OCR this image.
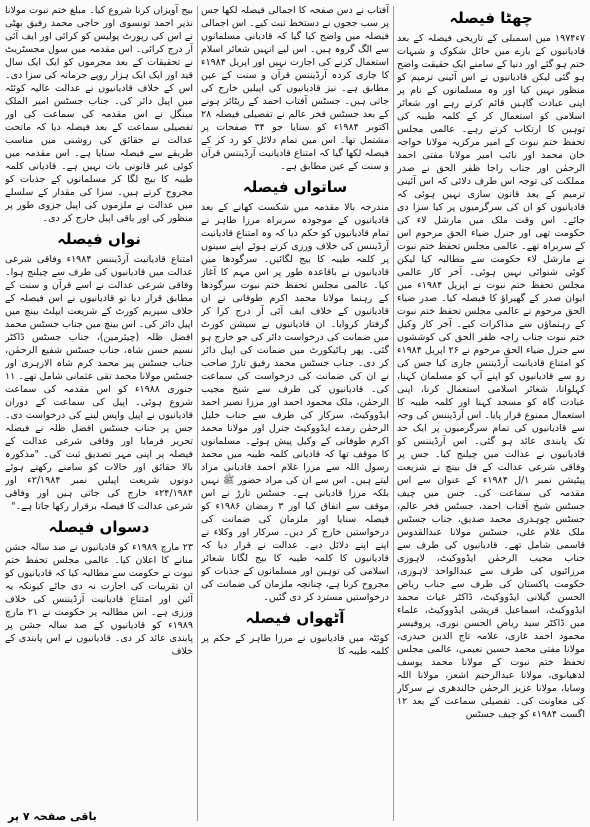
چھٹا فیصلہ

۷ء۱۹۷۴ میں اسمبلی کے تاریخی فیصلہ کے بعد قادیانیوں کے بارے میں حائل شکوک و شبہات ختم ہو گئے اور دنیا کے سامنے ایک حقیقت واضح ہو گئی لیکن قادیانیوں نے اس آئینی ترمیم کو منظور نہیں کیا اور وہ مسلمانوں کے نام پر اپنی عبادت گاہیں قائم کرتے رہے اور شعائر اسلامی کو استعمال کر کے کلمہ طیبہ کی توہین کا ارتکاب کرتے رہے۔ عالمی مجلس تحفظ ختم نبوت کے امیر مرکزیہ مولانا خواجہ خان محمد اور نائب امیر مولانا مفتی احمد الرحمٰن اور جناب راجا ظفر الحق نے صدر مملکت کی توجہ اس طرف دلائی کہ اس آئینی ترمیم کے بعد قانون سازی نہیں ہوئی کہ قادیانیوں کو ان کی سرگرمیوں پر کیا سزا دی جائے۔ اس وقت ملک میں مارشل لاء کی حکومت تھی اور جنرل ضیاء الحق مرحوم اس کے سربراہ تھے۔ عالمی مجلس تحفظ ختم نبوت نے مارشل لاء حکومت سے مطالبہ کیا لیکن کوئی شنوائی نہیں ہوئی۔ آخر کار عالمی مجلس تحفظ ختم نبوت نے اپریل ۱۹۸۴ء میں ایوان صدر کے گھیراؤ کا فیصلہ کیا۔ صدر ضیاء الحق مرحوم نے عالمی مجلس تحفظ ختم نبوت کے رہنماؤں سے مذاکرات کیے۔ آخر کار وکیل ختم نبوت جناب راجہ ظفر الحق کی کوششوں سے جنرل ضیاء الحق مرحوم نے ۲۶ اپریل ۱۹۸۴ء کو امتناع قادیانیت آرڈیننس جاری کیا جس کی رو سے قادیانیوں کو اپنے آپ کو مسلمان کہنا، کہلوانا، شعائر اسلامی استعمال کرنا، اپنی عبادت گاہ کو مسجد کہنا اور کلمہ طیبہ کا استعمال ممنوع قرار پایا۔ اس آرڈیننس کی وجہ سے قادیانیوں کی تمام سرگرمیوں پر ایک حد تک پابندی عائد ہو گئی۔ اس آرڈیننس کو قادیانیوں نے عدالت میں چیلنج کیا۔ جس پر وفاقی شرعی عدالت کے فل بینچ نے شریعت پیٹیشن نمبر ۱/ل ۱۹۸۴ء کے عنوان سے اس مقدمہ کی سماعت کی۔ جس میں چیف جسٹس شیخ آفتاب احمد، جسٹس فخر عالم، جسٹس چوہدری محمد صدیق، جناب جسٹس ملک غلام علی، جسٹس مولانا عبدالقدوس قاسمی شامل تھے۔ قادیانیوں کی طرف سے جناب مجیب الرحمٰن ایڈووکیٹ، لاہوری مرزائیوں کی طرف سے عبدالواحد لاہوری، حکومت پاکستان کی طرف سے جناب ریاض الحسن گیلانی ایڈووکیٹ، ڈاکٹر غیاث محمد ایڈووکیٹ، اسماعیل قریشی ایڈووکیٹ، علماء میں ڈاکٹر سید ریاض الحسن نوری، پروفیسر محمود احمد غازی، علامہ تاج الدین حیدری، مولانا مفتی محمد حسین نعیمی، عالمی مجلس تحفظ ختم نبوت کے مولانا محمد یوسف لدھیانوی، مولانا عبدالرحیم اشعر، مولانا اللہ وسایا، مولانا عزیز الرحمٰن جالندھری نے سرکار کی معاونت کی۔ تفصیلی سماعت کے بعد ۱۲ اگست ۱۹۸۴ء کو چیف جسٹس

آفتاب نے دس صفحہ کا اجمالی فیصلہ لکھا جس پر سب ججوں نے دستخط ثبت کیے۔ اس اجمالی فیصلہ میں واضح کیا گیا کہ قادیانی مسلمانوں سے الگ گروہ ہیں۔ اس لیے انہیں شعائر اسلام استعمال کرنے کی اجازت نہیں اور اپریل ۱۹۸۴ء کا جاری کردہ آرڈیننس قرآن و سنت کے عین مطابق ہے۔ نیز قادیانیوں کی اپیلیں خارج کی جاتی ہیں۔ جسٹس آفتاب احمد کے ریٹائر ہونے کے بعد جسٹس فخر عالم نے تفصیلی فیصلہ ۲۸ اکتوبر ۱۹۸۴ء کو سنایا جو ۳۴ صفحات پر مشتمل تھا۔ اس میں تمام دلائل کو رد کر کے فیصلہ لکھا گیا کہ امتناع قادیانیت آرڈیننس قرآن و سنت کے عین مطابق ہے۔

ساتواں فیصلہ

مندرجہ بالا مقدمہ میں شکست کھانے کے بعد قادیانیوں کے موجودہ سربراہ مرزا طاہر نے تمام قادیانیوں کو حکم دیا کہ وہ امتناع قادیانیت آرڈیننس کی خلاف ورزی کرتے ہوئے اپنے سینوں پر کلمہ طیبہ کا بیج لگائیں۔ سرگودھا میں قادیانیوں نے باقاعدہ طور پر اس مہم کا آغاز کیا۔ عالمی مجلس تحفظ ختم نبوت سرگودھا کے رہنما مولانا محمد اکرم طوفانی نے ان قادیانیوں کے خلاف ایف آئی آر درج کرا کر گرفتار کروایا۔ ان قادیانیوں نے سیشن کورٹ میں ضمانت کی درخواست دائر کی جو خارج ہو گئی۔ پھر ہائیکورٹ میں ضمانت کی اپیل دائر کر دی۔ جناب جسٹس محمد رفیق تارڑ صاحب نے ان کی ضمانت کی درخواست کی سماعت کی۔ قادیانیوں کی طرف سے شیخ مجیب الرحمٰن، ملک محمود احمد اور مرزا نصیر احمد ایڈووکیٹ، سرکار کی طرف سے جناب خلیل الرحمٰن رمدے ایڈووکیٹ جنرل اور مولانا محمد اکرم طوفانی کے وکیل پیش ہوئے۔ مسلمانوں کا موقف تھا کہ قادیانی کلمہ طیبہ میں محمد رسول اللہ سے مرزا غلام احمد قادیانی مراد لیتے ہیں۔ اس سے ان کی مراد حضور ﷺ نہیں بلکہ مرزا قادیانی ہے۔ جسٹس تارڑ نے اس موقف سے اتفاق کیا اور ۳ رمضان ۱۹۸۶ء کو فیصلہ سنایا اور ملزمان کی ضمانت کی درخواستیں خارج کر دیں۔ سرکار اور وکلاء نے اپنے اپنے دلائل دیے۔ عدالت نے قرار دیا کہ قادیانیوں کا کلمہ طیبہ کا بیج لگانا شعائر اسلامی کی توہین اور مسلمانوں کے جذبات کو مجروح کرنا ہے، چنانچہ ملزمان کی ضمانت کی درخواستیں مسترد کر دی گئیں۔

آٹھواں فیصلہ

کوئٹہ میں قادیانیوں نے مرزا طاہر کے حکم پر کلمہ طیبہ کا

بیج آویزاں کرنا شروع کیا۔ مبلغ ختم نبوت مولانا نذیر احمد تونسوی اور حاجی محمد رفیق بھٹی نے اس کی رپورٹ پولیس کو کرائی اور ایف آئی آر درج کرائی۔ اس مقدمہ میں سول مجسٹریٹ نے تحقیقات کے بعد مجرموں کو ایک ایک سال قید اور ایک ایک ہزار روپے جرمانہ کی سزا دی۔ اس کے خلاف قادیانیوں نے عدالت عالیہ کوئٹہ میں اپیل دائر کی۔ جناب جسٹس امیر الملک مینگل نے اس مقدمہ کی سماعت کی اور تفصیلی سماعت کے بعد فیصلہ دیا کہ ماتحت عدالت نے حقائق کی روشنی میں مناسب طریقے سے فیصلہ سنایا ہے۔ اس مقدمہ میں کوئی غیر قانونی بات نہیں ہے۔ قادیانی کلمہ طیبہ کا بیج لگا کر مسلمانوں کے جذبات کو مجروح کرتے ہیں۔ سزا کی مقدار کے سلسلے میں عدالت نے ملزموں کی اپیل جزوی طور پر منظور کی اور باقی اپیل خارج کر دی۔

نواں فیصلہ

امتناع قادیانیت آرڈیننس ۱۹۸۴ء وفاقی شرعی عدالت میں قادیانیوں کی طرف سے چیلنج ہوا۔ وفاقی شرعی عدالت نے اسے قرآن و سنت کے مطابق قرار دیا تو قادیانیوں نے اس فیصلہ کے خلاف سپریم کورٹ کے شریعت ایپلٹ بینچ میں اپیل دائر کی۔ اس بینچ میں جناب جسٹس محمد افضل ظلہ (چیئرمین)، جناب جسٹس ڈاکٹر نسیم حسن شاہ، جناب جسٹس شفیع الرحمٰن، جناب جسٹس پیر محمد کرم شاہ الازہری اور جسٹس مولانا محمد تقی عثمانی شامل تھے۔ ۱۱ جنوری ۱۹۸۸ء کو اس مقدمہ کی سماعت شروع ہوئی۔ اپیل کی سماعت کے دوران قادیانیوں نے اپیل واپس لینے کی درخواست دی۔ جس پر جناب جسٹس افضل ظلہ نے فیصلہ تحریر فرمایا اور وفاقی شرعی عدالت کے فیصلہ پر اپنی مہر تصدیق ثبت کی۔ "مذکورہ بالا حقائق اور حالات کو سامنے رکھتے ہوئے دونوں شریعت اپیلیں نمبر ۲/۱۹۸۴ء اور ۲۴/۱۹۸۴ء خارج کی جاتی ہیں اور وفاقی شرعی عدالت کا فیصلہ برقرار رکھا جاتا ہے۔"

دسواں فیصلہ

۲۳ مارچ ۱۹۸۹ء کو قادیانیوں نے صد سالہ جشن منانے کا اعلان کیا۔ عالمی مجلس تحفظ ختم نبوت نے حکومت سے مطالبہ کیا کہ قادیانیوں کو ان تقریبات کی اجازت نہ دی جائے کیونکہ یہ آئین اور امتناع قادیانیت آرڈیننس کی خلاف ورزی ہے۔ اس مطالبہ پر حکومت نے ۲۱ مارچ ۱۹۸۹ء کو قادیانیوں کے صد سالہ جشن پر پابندی عائد کر دی۔ قادیانیوں نے اس پابندی کے خلاف

باقی صفحہ ۷ پر
